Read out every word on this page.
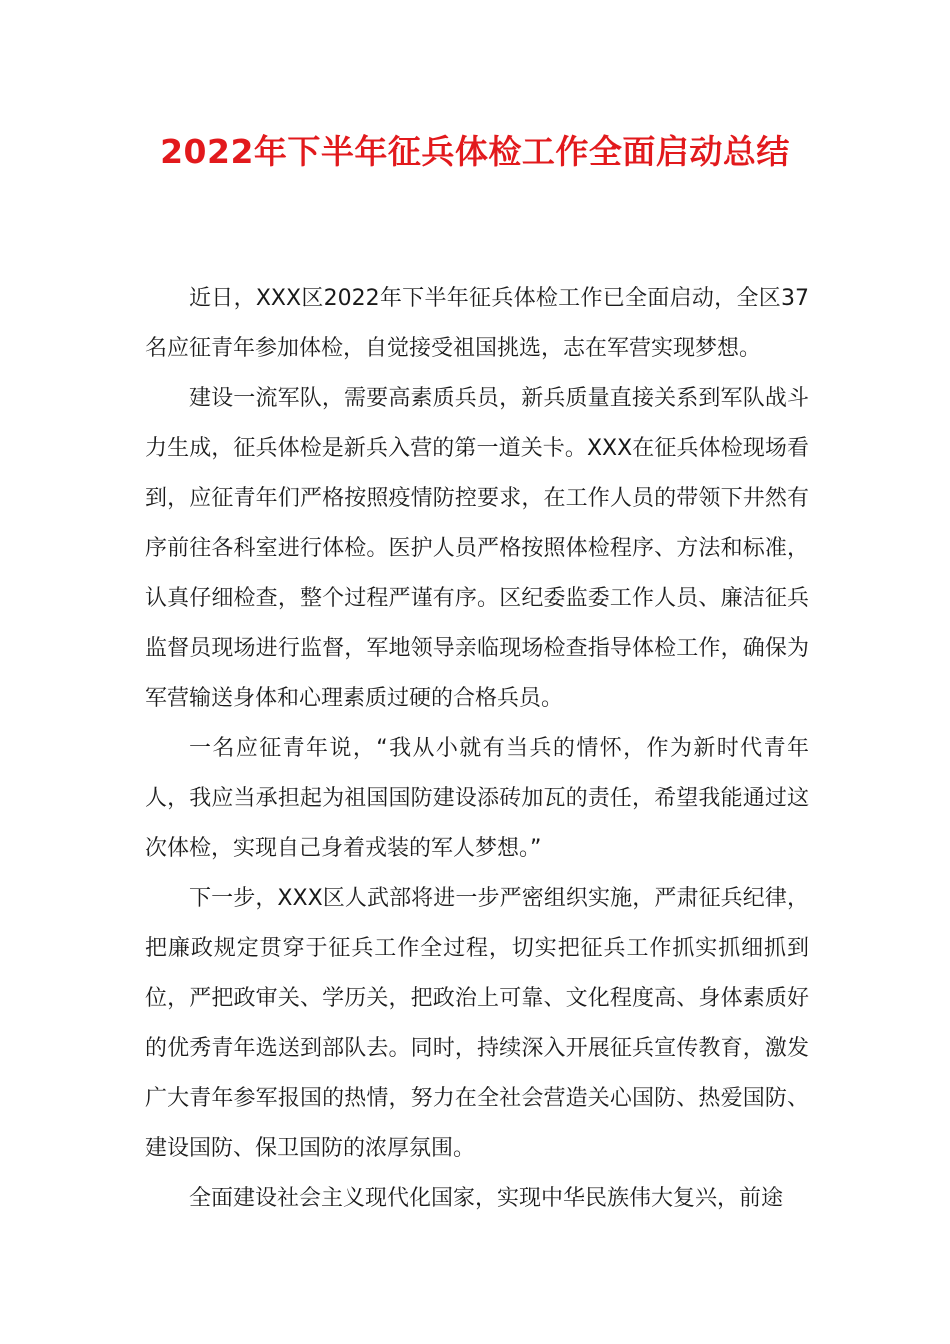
2022年下半年征兵体检工作全面启动总结

近日，XXX区2022年下半年征兵体检工作已全面启动，全区37名应征青年参加体检，自觉接受祖国挑选，志在军营实现梦想。

建设一流军队，需要高素质兵员，新兵质量直接关系到军队战斗力生成，征兵体检是新兵入营的第一道关卡。XXX在征兵体检现场看到，应征青年们严格按照疫情防控要求，在工作人员的带领下井然有序前往各科室进行体检。医护人员严格按照体检程序、方法和标准，认真仔细检查，整个过程严谨有序。区纪委监委工作人员、廉洁征兵监督员现场进行监督，军地领导亲临现场检查指导体检工作，确保为军营输送身体和心理素质过硬的合格兵员。

一名应征青年说，“我从小就有当兵的情怀，作为新时代青年人，我应当承担起为祖国国防建设添砖加瓦的责任，希望我能通过这次体检，实现自己身着戎装的军人梦想。”

下一步，XXX区人武部将进一步严密组织实施，严肃征兵纪律，把廉政规定贯穿于征兵工作全过程，切实把征兵工作抓实抓细抓到位，严把政审关、学历关，把政治上可靠、文化程度高、身体素质好的优秀青年选送到部队去。同时，持续深入开展征兵宣传教育，激发广大青年参军报国的热情，努力在全社会营造关心国防、热爱国防、建设国防、保卫国防的浓厚氛围。

全面建设社会主义现代化国家，实现中华民族伟大复兴，前途
